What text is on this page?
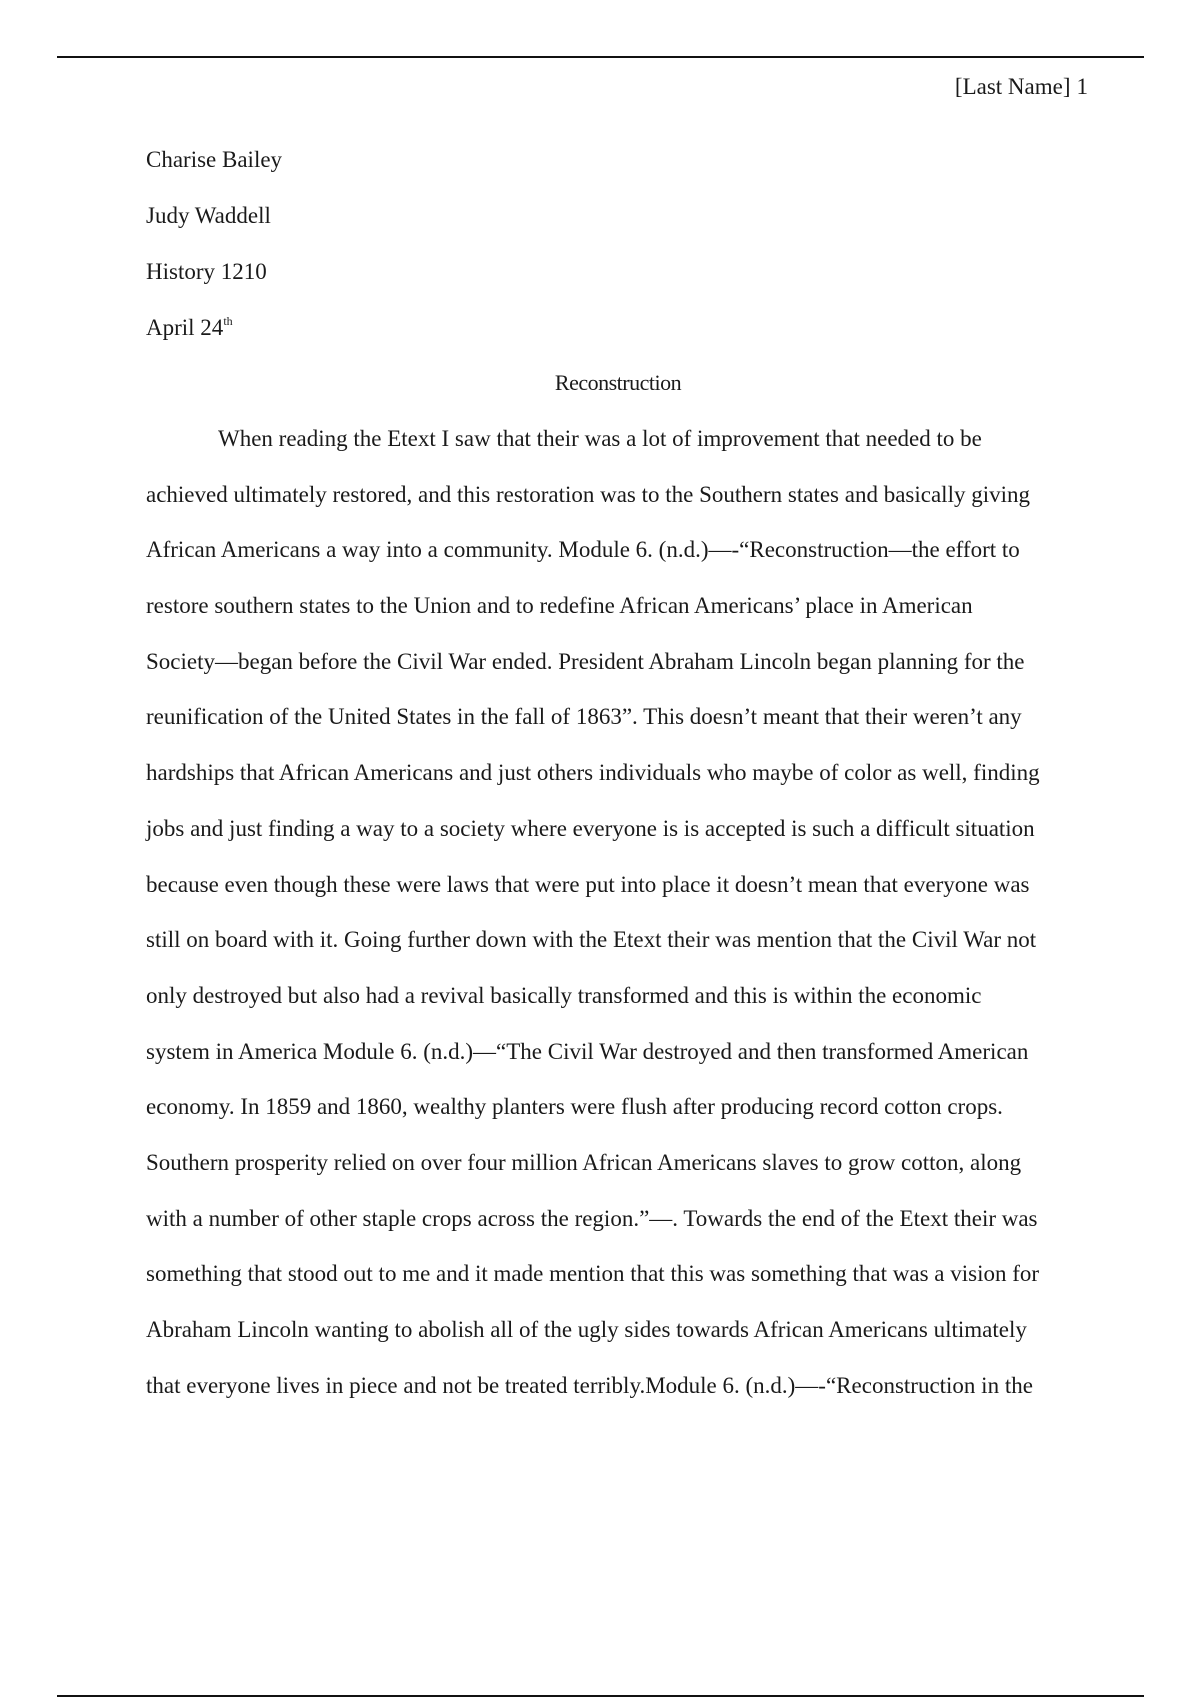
[Last Name] 1
Charise Bailey
Judy Waddell
History 1210
April 24th
Reconstruction
When reading the Etext I saw that their was a lot of improvement that needed to be
achieved ultimately restored, and this restoration was to the Southern states and basically giving
African Americans a way into a community. Module 6. (n.d.)—-“Reconstruction—the effort to
restore southern states to the Union and to redefine African Americans’ place in American
Society—began before the Civil War ended. President Abraham Lincoln began planning for the
reunification of the United States in the fall of 1863”. This doesn’t meant that their weren’t any
hardships that African Americans and just others individuals who maybe of color as well, finding
jobs and just finding a way to a society where everyone is is accepted is such a difficult situation
because even though these were laws that were put into place it doesn’t mean that everyone was
still on board with it. Going further down with the Etext their was mention that the Civil War not
only destroyed but also had a revival basically transformed and this is within the economic
system in America Module 6. (n.d.)—“The Civil War destroyed and then transformed American
economy. In 1859 and 1860, wealthy planters were flush after producing record cotton crops.
Southern prosperity relied on over four million African Americans slaves to grow cotton, along
with a number of other staple crops across the region.”—. Towards the end of the Etext their was
something that stood out to me and it made mention that this was something that was a vision for
Abraham Lincoln wanting to abolish all of the ugly sides towards African Americans ultimately
that everyone lives in piece and not be treated terribly.Module 6. (n.d.)—-“Reconstruction in the
